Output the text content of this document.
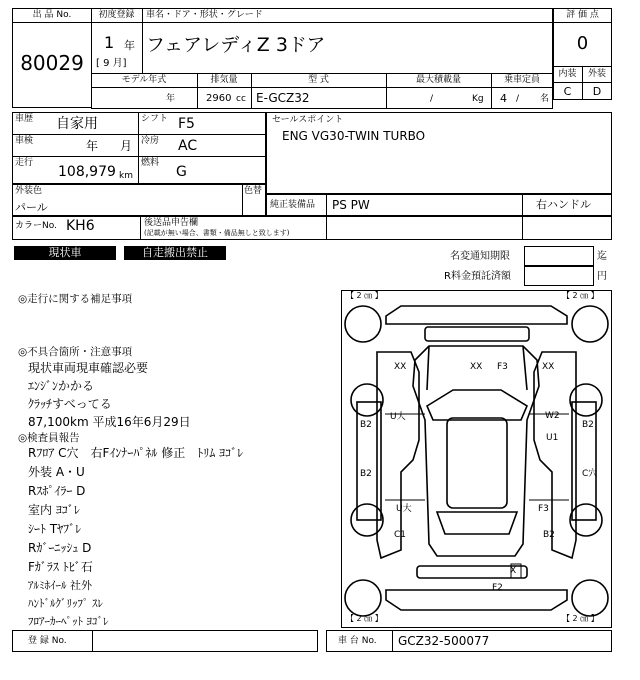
出 品 No.
80029
初度登録	車名・ドア・形状・グレード
1 年
[ 9 月]
フェアレディZ 3ドア
評 価 点
0
内装	外装
C	D
モデル年式	排気量	型 式	最大積載量	乗車定員
年	2960 cc E-GCZ32	/	Kg 4 / 名
車歴 自家用
車検	年 月
走行
108,979 km
シフト F5
冷房 AC
燃料
G
セールスポイント
ENG VG30-TWIN TURBO
外装色
パール
色替
純正装備品 PS PW	右ハンドル
カラーNo. KH6	後送品申告欄
(記載が無い場合、書類・備品無しと致します)
現状車	自走搬出禁止	名変通知期限	迄
R料金預託済額	円
◎走行に関する補足事項
◎不具合箇所・注意事項
現状車両現車確認必要
ｴﾝｼﾞﾝかかる
ｸﾗｯﾁすべってる
87,100km 平成16年6月29日
◎検査員報告
Rﾌﾛｱ C穴　右Fｲﾝﾅｰﾊﾟﾈﾙ 修正　ﾄﾘﾑ ﾖｺﾞﾚ
外装 A・U
Rｽﾎﾟｲﾗｰ D
室内 ﾖｺﾞﾚ
ｼｰﾄ Tﾔﾌﾞﾚ
Rｶﾞｰﾆｯｼｭ D
Fｶﾞﾗｽ ﾄﾋﾞ石
ｱﾙﾐﾎｲｰﾙ 社外
ﾊﾝﾄﾞﾙｸﾞﾘｯﾌﾟ ｽﾚ
ﾌﾛｱｰｶｰﾍﾟｯﾄ ﾖｺﾞﾚ
【 2 ㎝ 】	【 2 ㎝ 】
【 2 ㎝ 】	【 2 ㎝ 】
XX	XX F3	XX
B2
U大	W2
B2
U1
B2	C穴
U大
C1
F3
B2
X
F2
登 録 No.	車 台 No. GCZ32-500077
